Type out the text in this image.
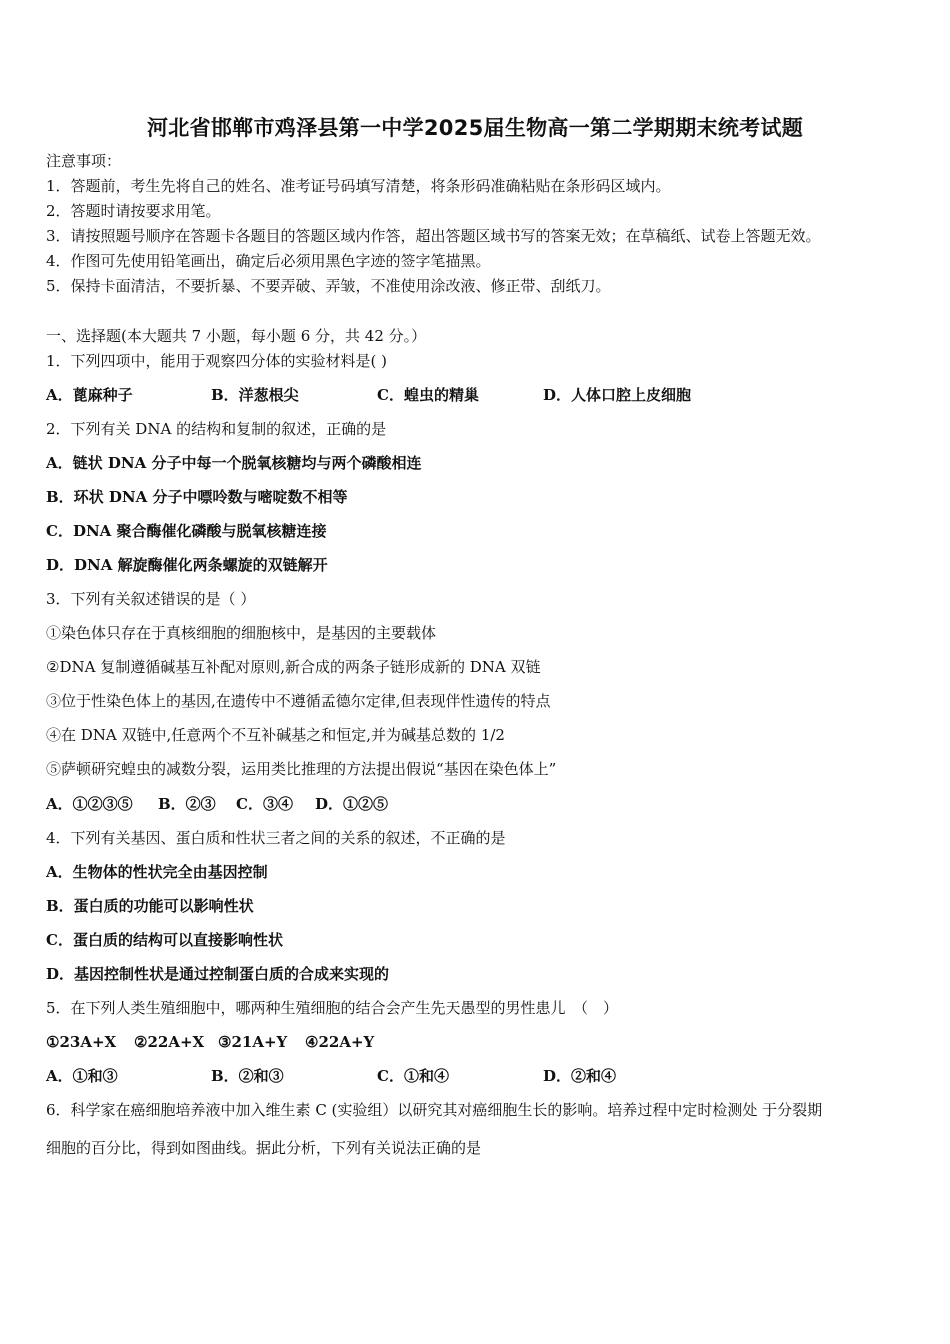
河北省邯郸市鸡泽县第一中学2025届生物高一第二学期期末统考试题
注意事项：
1．答题前，考生先将自己的姓名、准考证号码填写清楚，将条形码准确粘贴在条形码区域内。
2．答题时请按要求用笔。
3．请按照题号顺序在答题卡各题目的答题区域内作答，超出答题区域书写的答案无效；在草稿纸、试卷上答题无效。
4．作图可先使用铅笔画出，确定后必须用黑色字迹的签字笔描黑。
5．保持卡面清洁，不要折暴、不要弄破、弄皱，不准使用涂改液、修正带、刮纸刀。
一、选择题(本大题共 7 小题，每小题 6 分，共 42 分。）
1．下列四项中，能用于观察四分体的实验材料是( )
A．蓖麻种子	B．洋葱根尖	C．蝗虫的精巢	D．人体口腔上皮细胞
2．下列有关 DNA 的结构和复制的叙述，正确的是
A．链状 DNA 分子中每一个脱氧核糖均与两个磷酸相连
B．环状 DNA 分子中嘌呤数与嘧啶数不相等
C．DNA 聚合酶催化磷酸与脱氧核糖连接
D．DNA 解旋酶催化两条螺旋的双链解开
3．下列有关叙述错误的是（ ）
①染色体只存在于真核细胞的细胞核中，是基因的主要载体
②DNA 复制遵循碱基互补配对原则,新合成的两条子链形成新的 DNA 双链
③位于性染色体上的基因,在遗传中不遵循孟德尔定律,但表现伴性遗传的特点
④在 DNA 双链中,任意两个不互补碱基之和恒定,并为碱基总数的 1/2
⑤萨顿研究蝗虫的减数分裂，运用类比推理的方法提出假说“基因在染色体上”
A．①②③⑤ B．②③ C．③④ D．①②⑤
4．下列有关基因、蛋白质和性状三者之间的关系的叙述，不正确的是
A．生物体的性状完全由基因控制
B．蛋白质的功能可以影响性状
C．蛋白质的结构可以直接影响性状
D．基因控制性状是通过控制蛋白质的合成来实现的
5．在下列人类生殖细胞中，哪两种生殖细胞的结合会产生先天愚型的男性患儿　（　）
①23A+X ②22A+X ③21A+Y ④22A+Y
A．①和③	B．②和③	C．①和④	D．②和④
6．科学家在癌细胞培养液中加入维生素 C (实验组）以研究其对癌细胞生长的影响。培养过程中定时检测处 于分裂期
细胞的百分比，得到如图曲线。据此分析，下列有关说法正确的是
